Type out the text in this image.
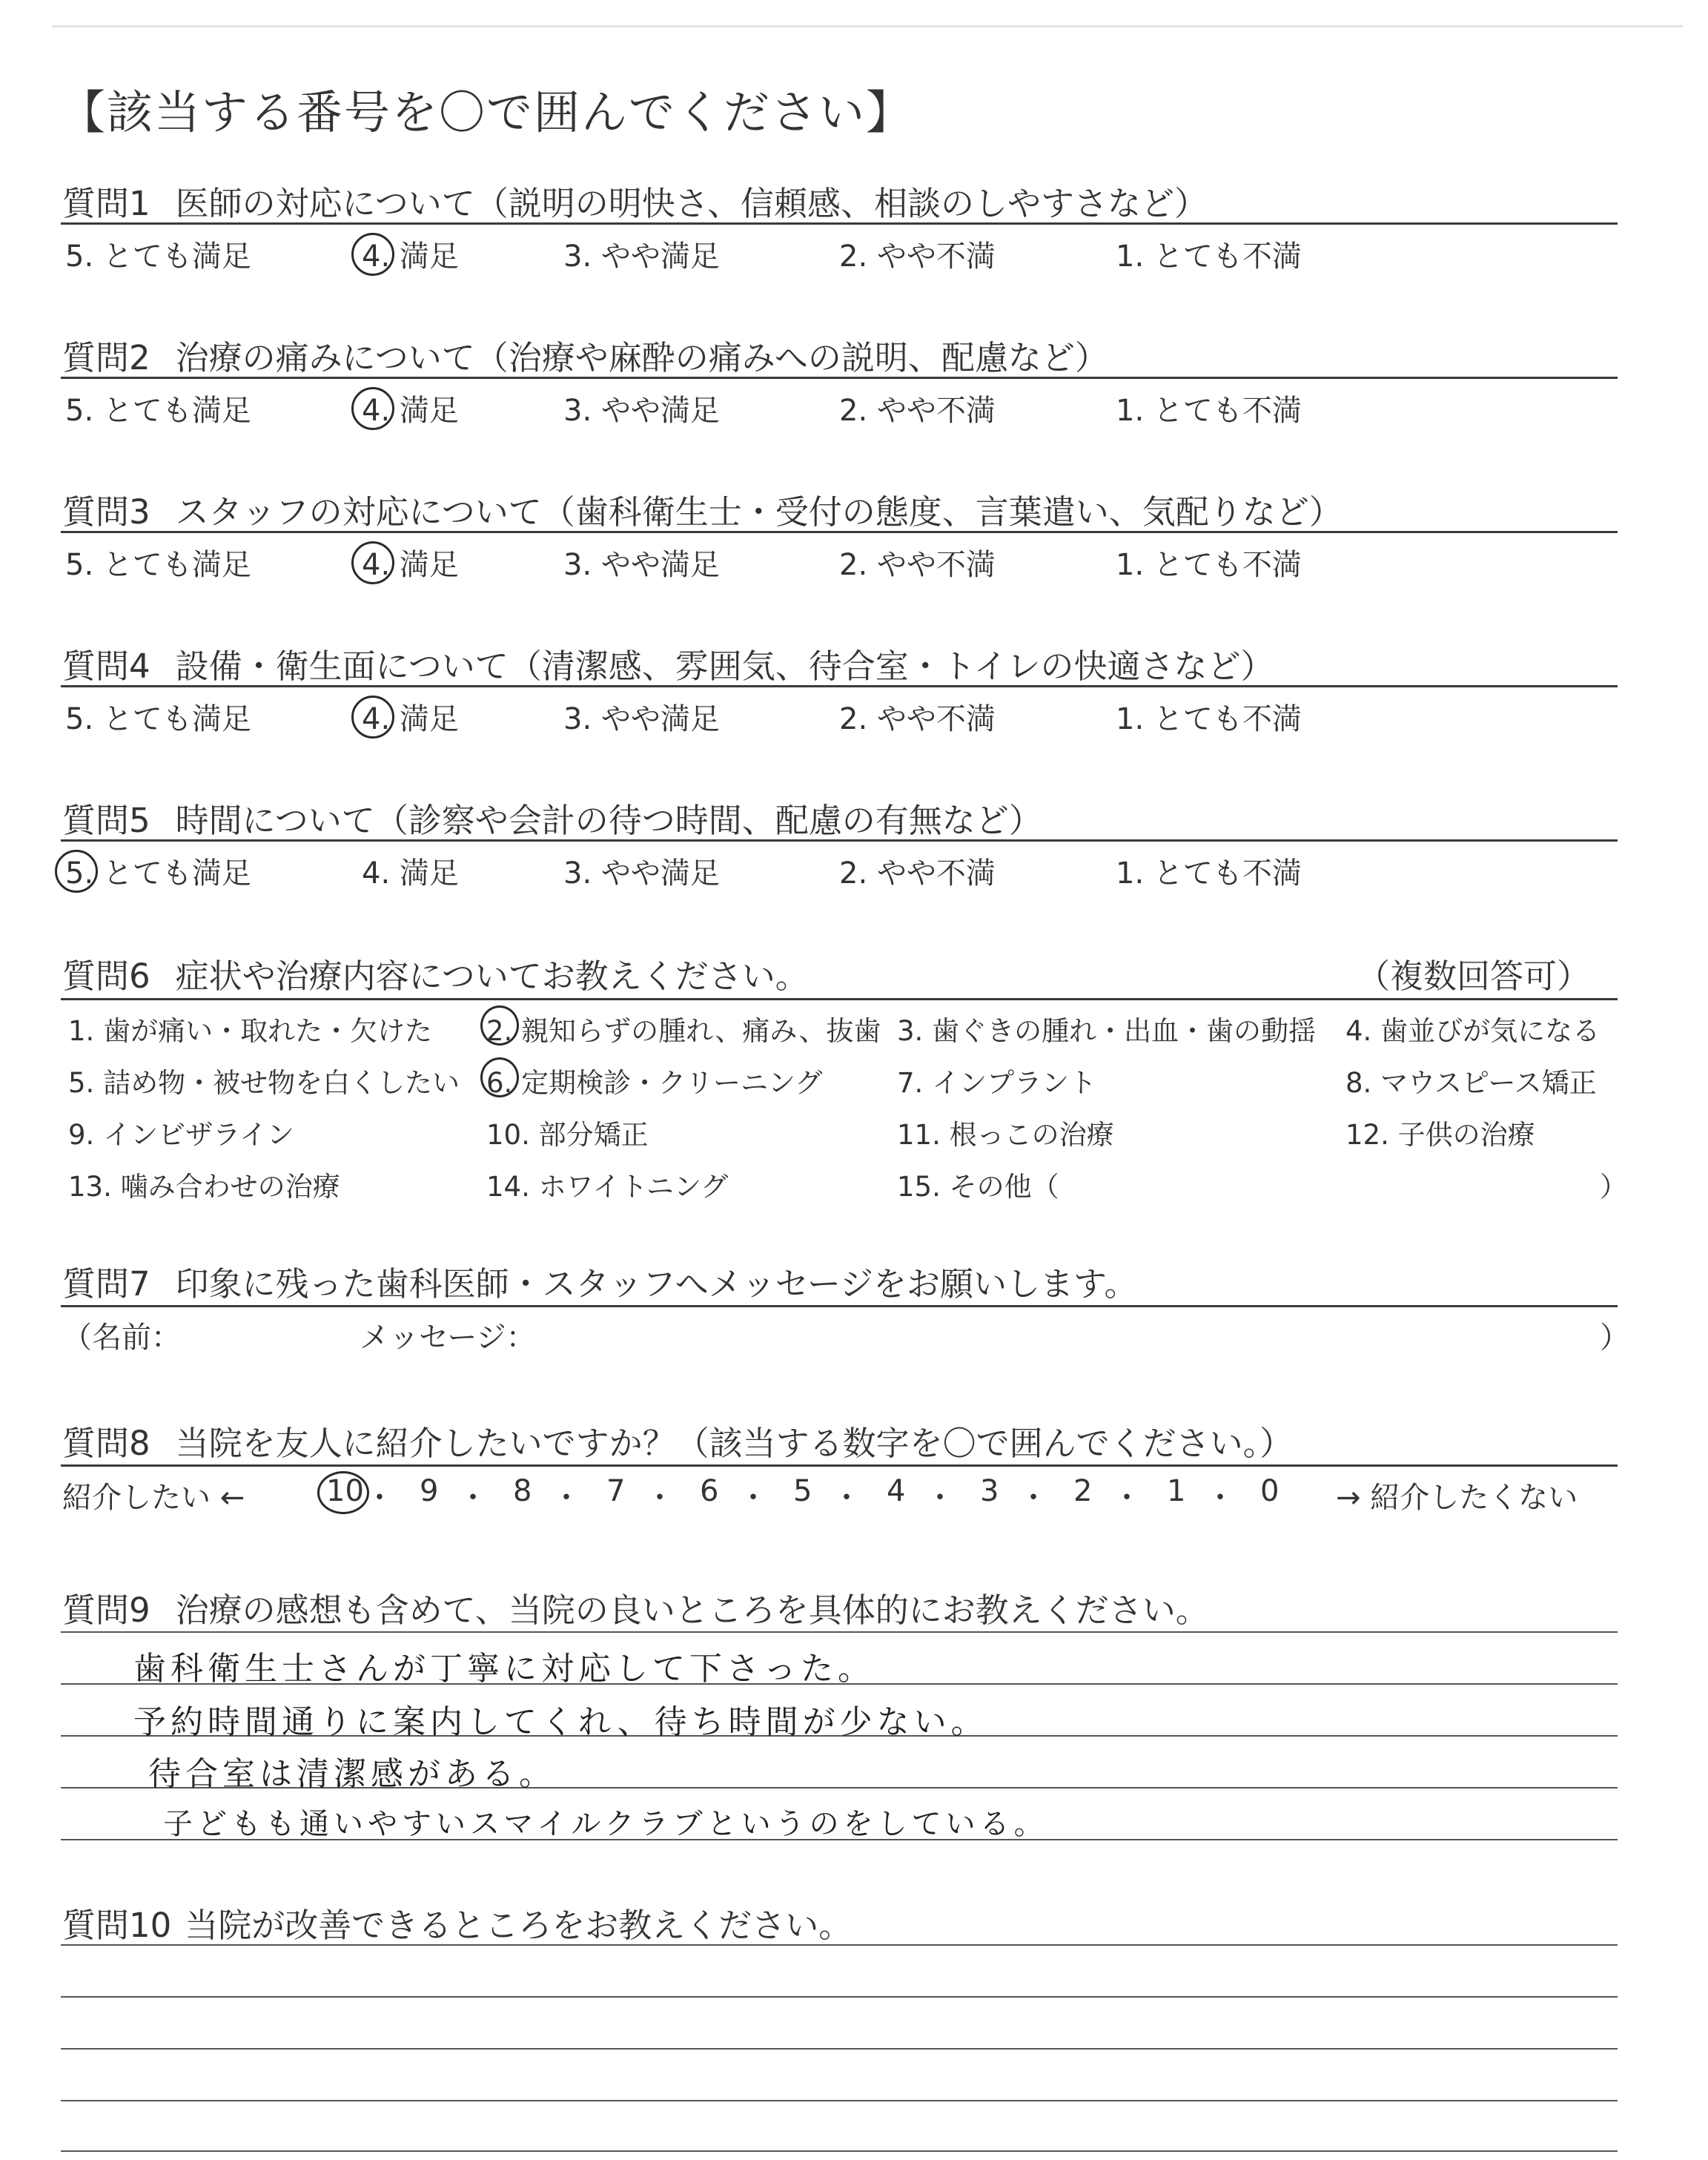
【該当する番号を〇で囲んでください】
質問1 医師の対応について（説明の明快さ、信頼感、相談のしやすさなど）
5. とても満足	4. 満足	3. やや満足	2. やや不満	1. とても不満
質問2 治療の痛みについて（治療や麻酔の痛みへの説明、配慮など）
5. とても満足	4. 満足	3. やや満足	2. やや不満	1. とても不満
質問3 スタッフの対応について（歯科衛生士・受付の態度、言葉遣い、気配りなど）
5. とても満足	4. 満足	3. やや満足	2. やや不満	1. とても不満
質問4 設備・衛生面について（清潔感、雰囲気、待合室・トイレの快適さなど）
5. とても満足	4. 満足	3. やや満足	2. やや不満	1. とても不満
質問5 時間について（診察や会計の待つ時間、配慮の有無など）
5. とても満足	4. 満足	3. やや満足	2. やや不満	1. とても不満
質問6 症状や治療内容についてお教えください。	（複数回答可）
1. 歯が痛い・取れた・欠けた 2. 親知らずの腫れ、痛み、抜歯 3. 歯ぐきの腫れ・出血・歯の動揺 4. 歯並びが気になる
5. 詰め物・被せ物を白くしたい 6. 定期検診・クリーニング	7. インプラント	8. マウスピース矯正
9. インビザライン	10. 部分矯正	11. 根っこの治療	12. 子供の治療
13. 噛み合わせの治療	14. ホワイトニング	15. その他（	）
質問7 印象に残った歯科医師・スタッフへメッセージをお願いします。
（名前：	メッセージ：	）
質問8 当院を友人に紹介したいですか？（該当する数字を〇で囲んでください。）
紹介したい ←	10 ・ 9 ・ 8 ・ 7 ・ 6 ・ 5 ・ 4 ・ 3 ・ 2 ・ 1 ・ 0 → 紹介したくない
質問9 治療の感想も含めて、当院の良いところを具体的にお教えください。
歯科衛生士さんが丁寧に対応して下さった。
予約時間通りに案内してくれ、待ち時間が少ない。
待合室は清潔感がある。
子どもも通いやすいスマイルクラブというのをしている。
質問10 当院が改善できるところをお教えください。
